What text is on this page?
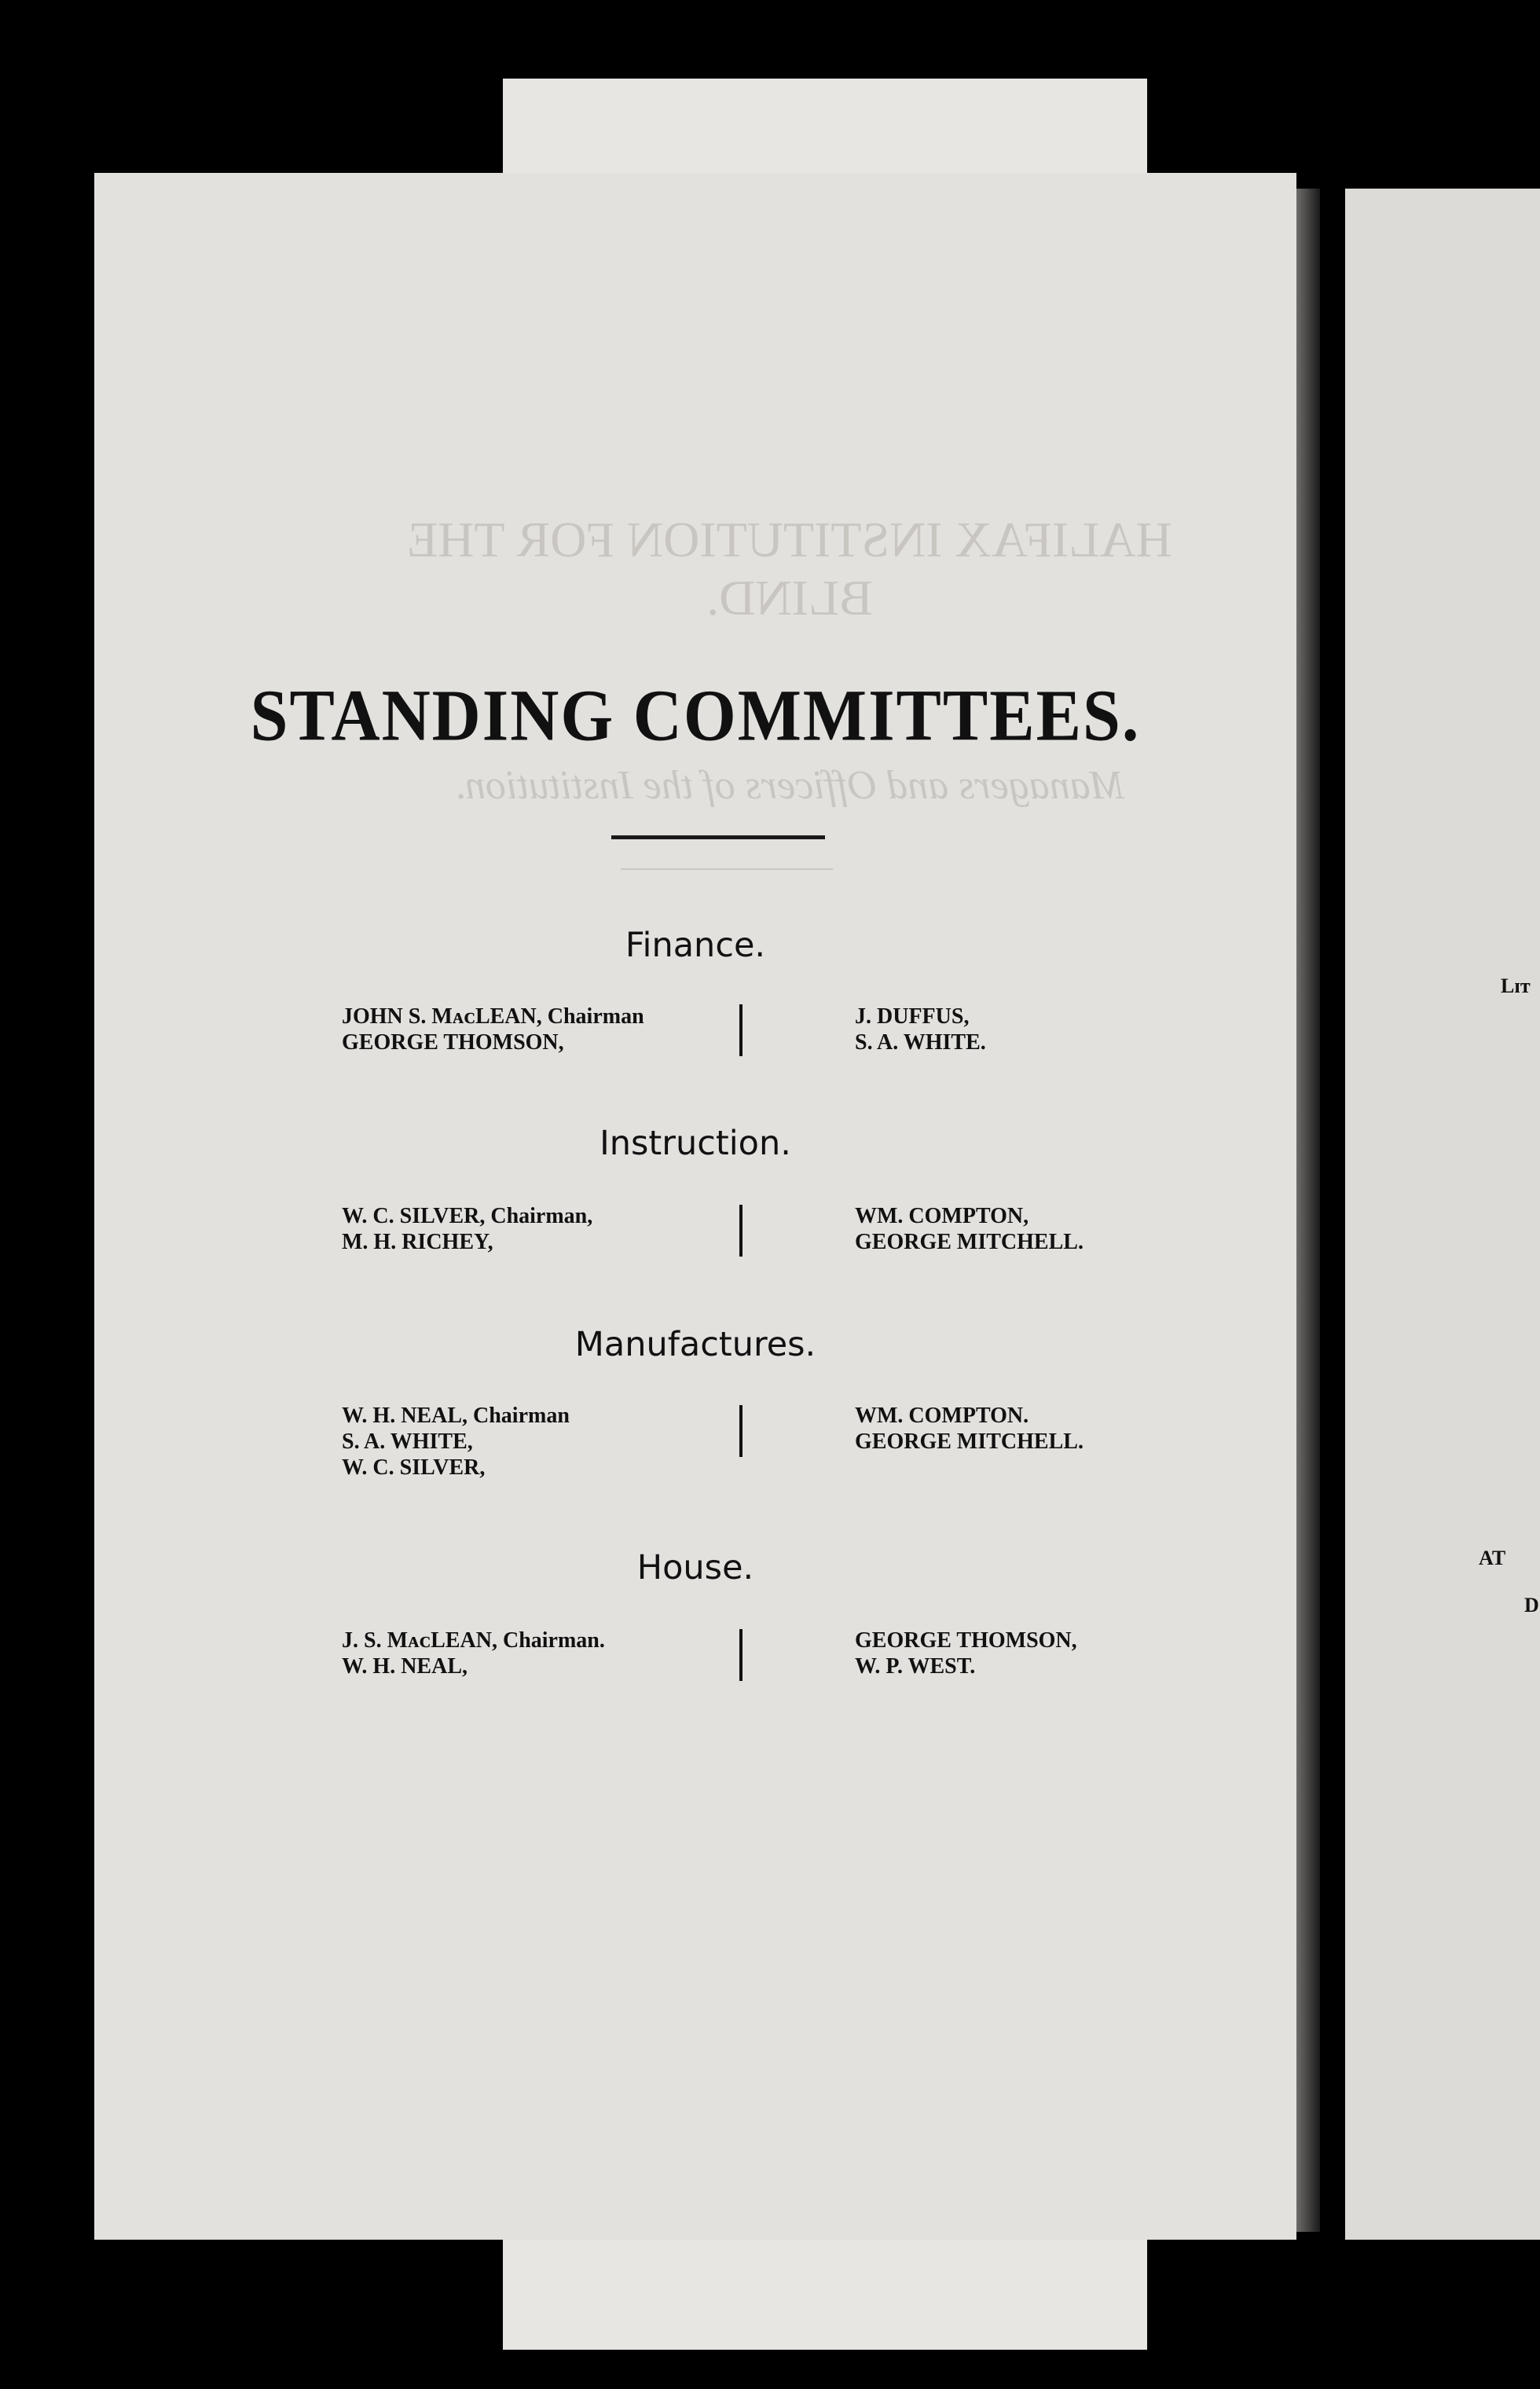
Lɪᴛ
AT
D
HALIFAX INSTITUTION FOR THE BLIND.
Managers and Officers of the Institution.
STANDING COMMITTEES.
Finance.
JOHN S. MᴀᴄLEAN, Chairman
GEORGE THOMSON,
J. DUFFUS,
S. A. WHITE.
Instruction.
W. C. SILVER, Chairman,
M. H. RICHEY,
WM. COMPTON,
GEORGE MITCHELL.
Manufactures.
W. H. NEAL, Chairman
S. A. WHITE,
W. C. SILVER,
WM. COMPTON.
GEORGE MITCHELL.
House.
J. S. MᴀᴄLEAN, Chairman.
W. H. NEAL,
GEORGE THOMSON,
W. P. WEST.
